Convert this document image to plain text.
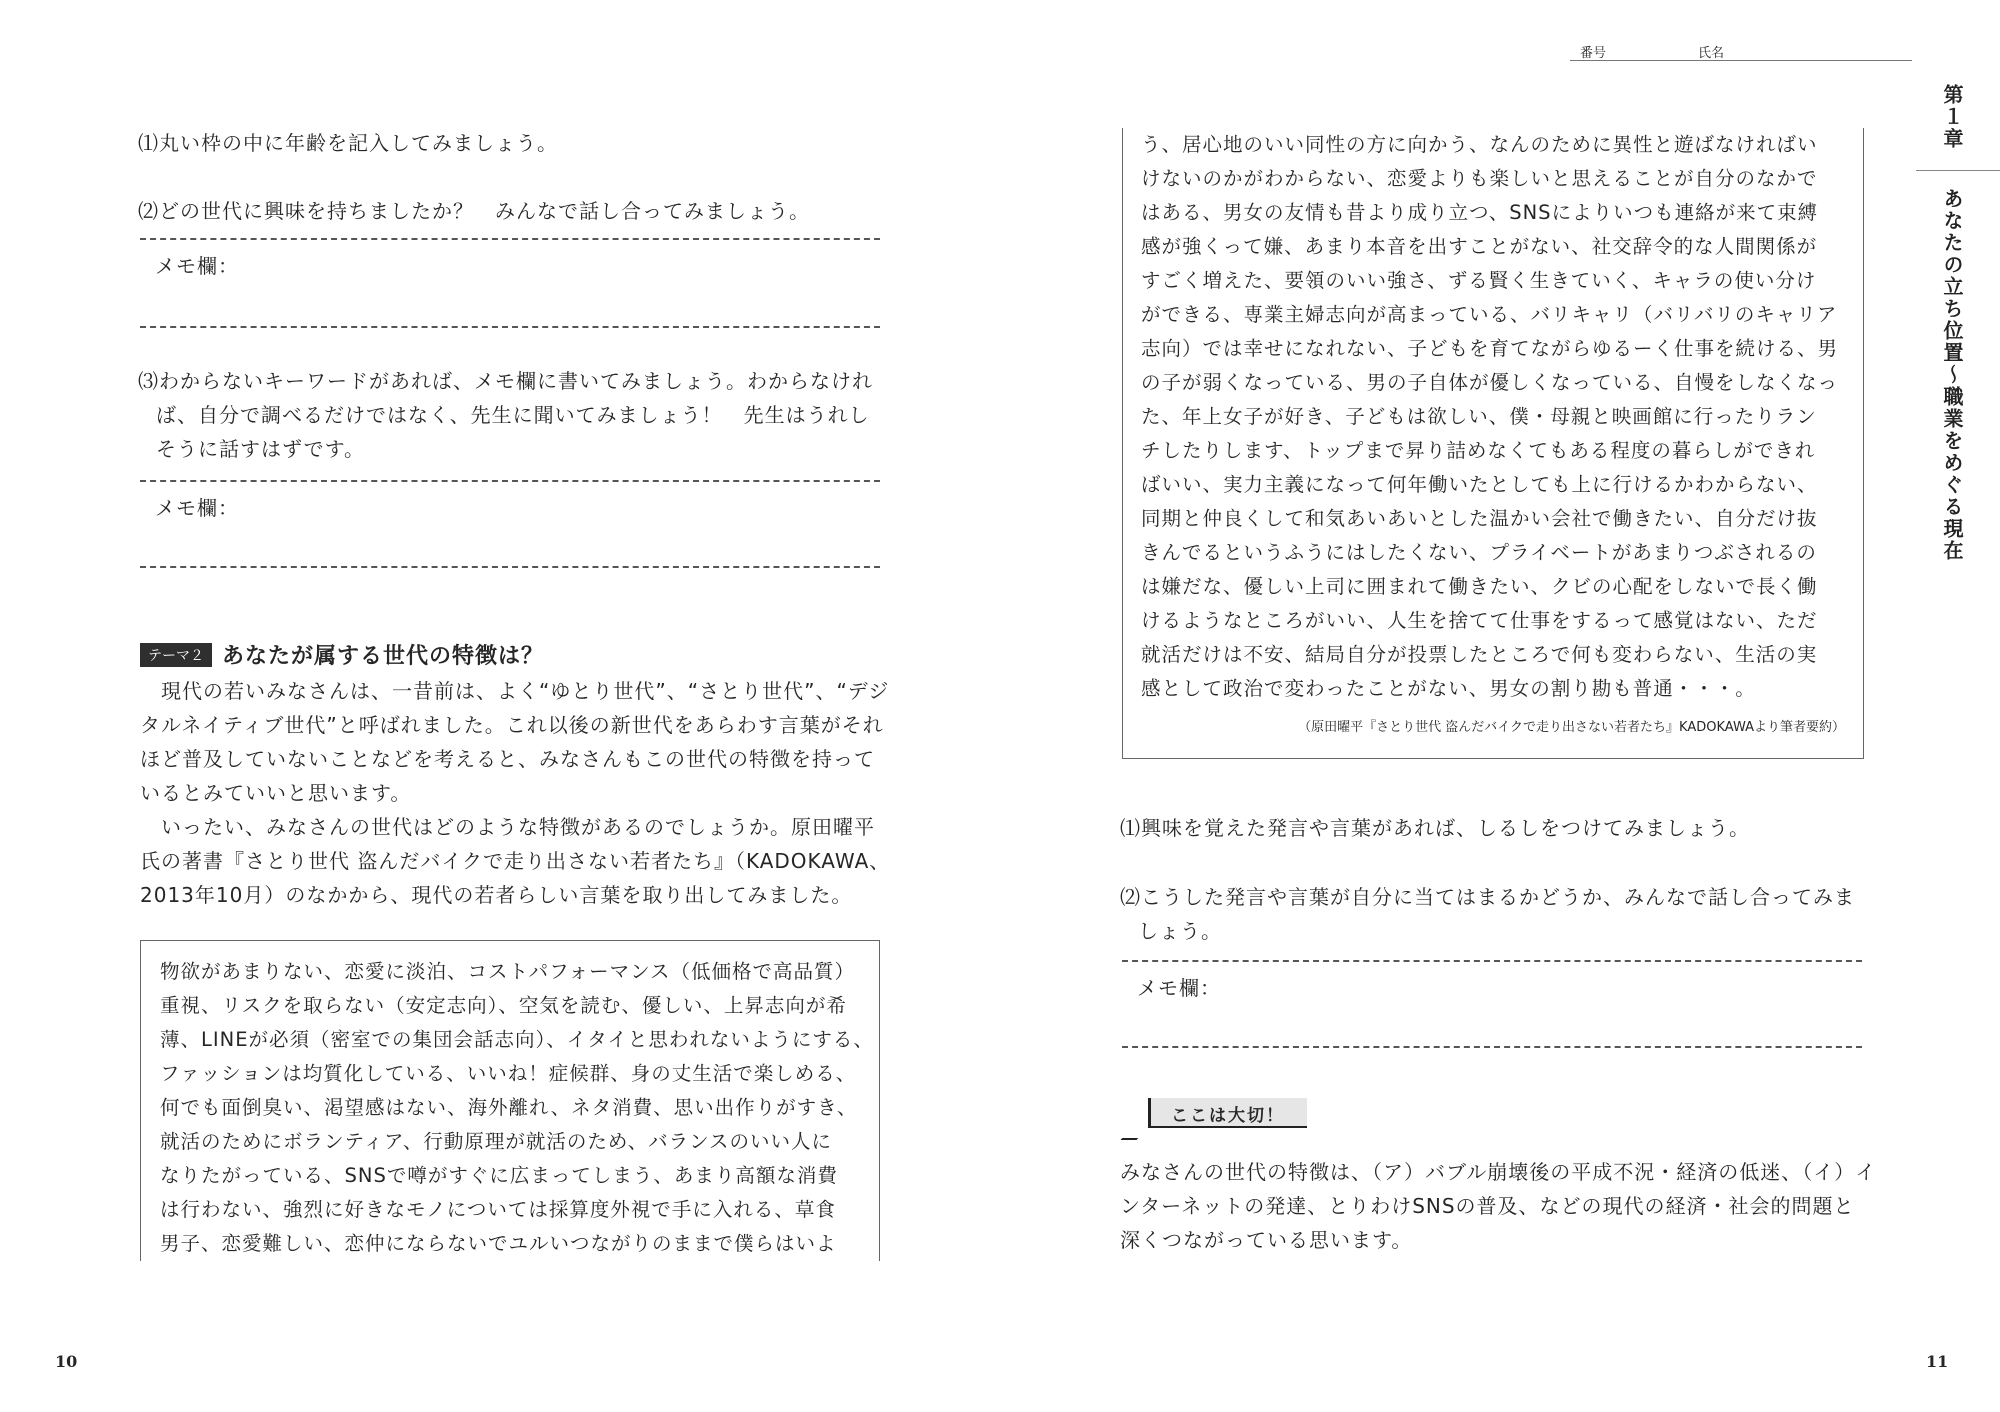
⑴丸い枠の中に年齢を記入してみましょう。
⑵どの世代に興味を持ちましたか？　みんなで話し合ってみましょう。
メモ欄：
⑶わからないキーワードがあれば、メモ欄に書いてみましょう。わからなけれ
ば、自分で調べるだけではなく、先生に聞いてみましょう！　先生はうれし
そうに話すはずです。
メモ欄：
テーマ２ あなたが属する世代の特徴は？
　現代の若いみなさんは、一昔前は、よく“ゆとり世代”、“さとり世代”、“デジ
タルネイティブ世代”と呼ばれました。これ以後の新世代をあらわす言葉がそれ
ほど普及していないことなどを考えると、みなさんもこの世代の特徴を持って
いるとみていいと思います。
　いったい、みなさんの世代はどのような特徴があるのでしょうか。原田曜平
氏の著書『さとり世代 盗んだバイクで走り出さない若者たち』（KADOKAWA、
2013年10月）のなかから、現代の若者らしい言葉を取り出してみました。
物欲があまりない、恋愛に淡泊、コストパフォーマンス（低価格で高品質）
重視、リスクを取らない（安定志向）、空気を読む、優しい、上昇志向が希
薄、LINEが必須（密室での集団会話志向）、イタイと思われないようにする、
ファッションは均質化している、いいね！症候群、身の丈生活で楽しめる、
何でも面倒臭い、渇望感はない、海外離れ、ネタ消費、思い出作りがすき、
就活のためにボランティア、行動原理が就活のため、バランスのいい人に
なりたがっている、SNSで噂がすぐに広まってしまう、あまり高額な消費
は行わない、強烈に好きなモノについては採算度外視で手に入れる、草食
男子、恋愛難しい、恋仲にならないでユルいつながりのままで僕らはいよ
10
番号	氏名
う、居心地のいい同性の方に向かう、なんのために異性と遊ばなければい
けないのかがわからない、恋愛よりも楽しいと思えることが自分のなかで
はある、男女の友情も昔より成り立つ、SNSによりいつも連絡が来て束縛
感が強くって嫌、あまり本音を出すことがない、社交辞令的な人間関係が
すごく増えた、要領のいい強さ、ずる賢く生きていく、キャラの使い分け
ができる、専業主婦志向が高まっている、バリキャリ（バリバリのキャリア
志向）では幸せになれない、子どもを育てながらゆるーく仕事を続ける、男
の子が弱くなっている、男の子自体が優しくなっている、自慢をしなくなっ
た、年上女子が好き、子どもは欲しい、僕・母親と映画館に行ったりラン
チしたりします、トップまで昇り詰めなくてもある程度の暮らしができれ
ばいい、実力主義になって何年働いたとしても上に行けるかわからない、
同期と仲良くして和気あいあいとした温かい会社で働きたい、自分だけ抜
きんでるというふうにはしたくない、プライベートがあまりつぶされるの
は嫌だな、優しい上司に囲まれて働きたい、クビの心配をしないで長く働
けるようなところがいい、人生を捨てて仕事をするって感覚はない、ただ
就活だけは不安、結局自分が投票したところで何も変わらない、生活の実
感として政治で変わったことがない、男女の割り勘も普通・・・。
（原田曜平『さとり世代 盗んだバイクで走り出さない若者たち』KADOKAWAより筆者要約）
⑴興味を覚えた発言や言葉があれば、しるしをつけてみましょう。
⑵こうした発言や言葉が自分に当てはまるかどうか、みんなで話し合ってみま
しょう。
メモ欄：
ここは大切！
みなさんの世代の特徴は、（ア）バブル崩壊後の平成不況・経済の低迷、（イ）イ
ンターネットの発達、とりわけSNSの普及、などの現代の経済・社会的問題と
深くつながっている思います。
第１章
あなたの立ち位置～職業をめぐる現在
11
